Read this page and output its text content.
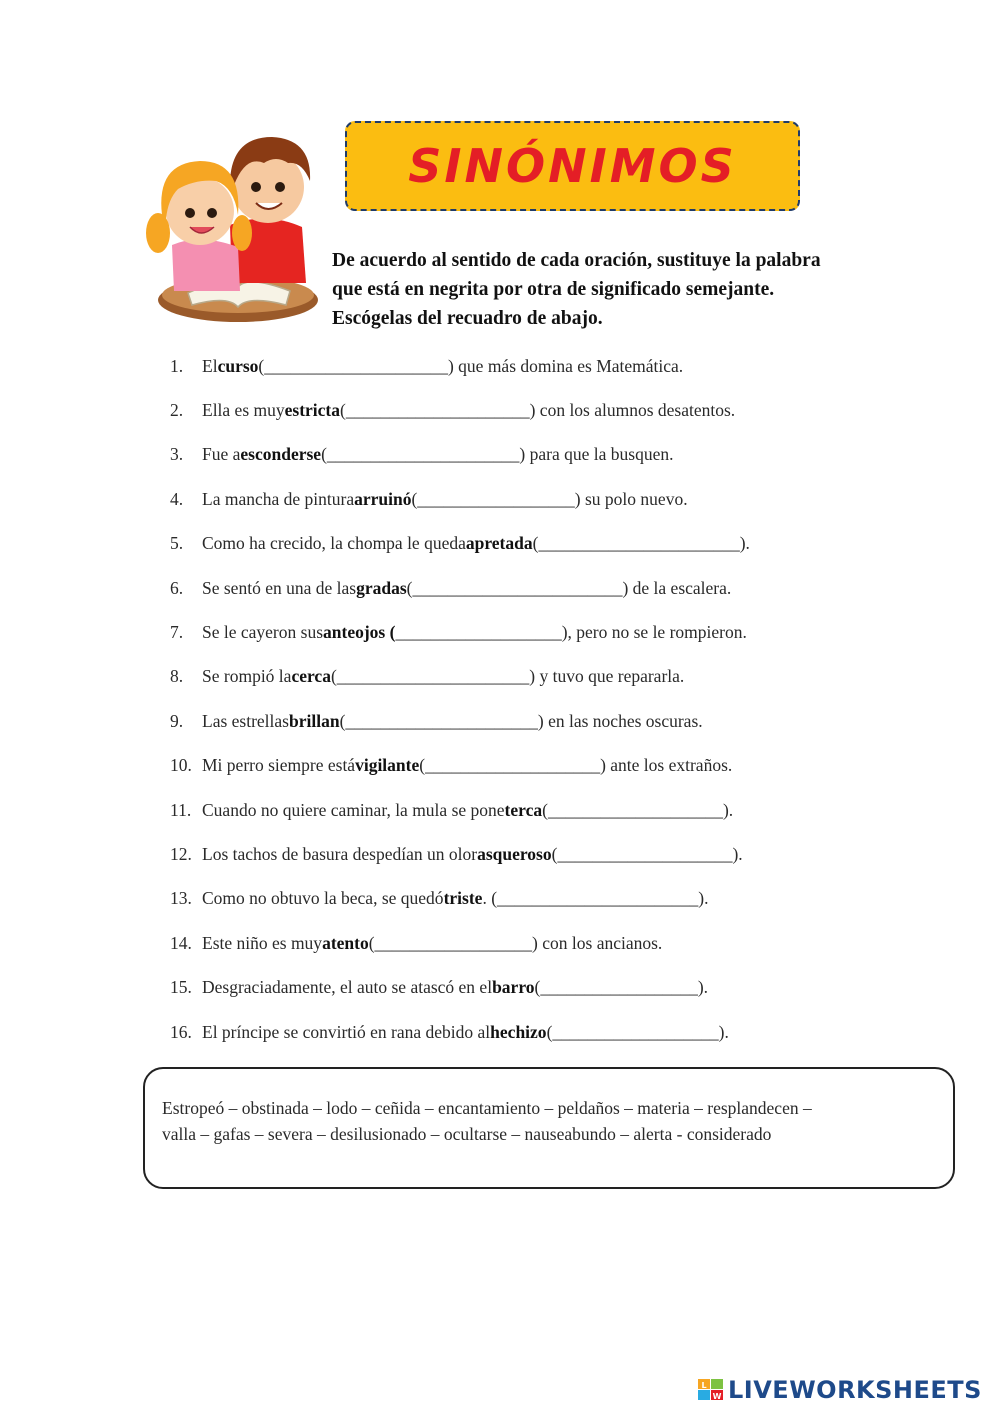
SINÓNIMOS
De acuerdo al sentido de cada oración, sustituye la palabra que está en negrita por otra de significado semejante. Escógelas del recuadro de abajo.
1.	El curso (_____________________) que más domina es Matemática.
2.	Ella es muy estricta (_____________________) con los alumnos desatentos.
3.	Fue a esconderse (______________________) para que la busquen.
4.	La mancha de pintura arruinó (__________________) su polo nuevo.
5.	Como ha crecido, la chompa le queda apretada (_______________________).
6.	Se sentó en una de las gradas (________________________) de la escalera.
7.	Se le cayeron sus anteojos ( ___________________), pero no se le rompieron.
8.	Se rompió la cerca (______________________) y tuvo que repararla.
9.	Las estrellas brillan (______________________) en las noches oscuras.
10. Mi perro siempre está vigilante (____________________) ante los extraños.
11. Cuando no quiere caminar, la mula se pone terca (____________________).
12. Los tachos de basura despedían un olor asqueroso (____________________).
13. Como no obtuvo la beca, se quedó triste . (_______________________).
14. Este niño es muy atento (__________________) con los ancianos.
15. Desgraciadamente, el auto se atascó en el barro (__________________).
16. El príncipe se convirtió en rana debido al hechizo (___________________).
Estropeó – obstinada – lodo – ceñida – encantamiento – peldaños – materia – resplandecen –
valla – gafas – severa – desilusionado – ocultarse – nauseabundo – alerta - considerado
L
W LIVEWORKSHEETS
